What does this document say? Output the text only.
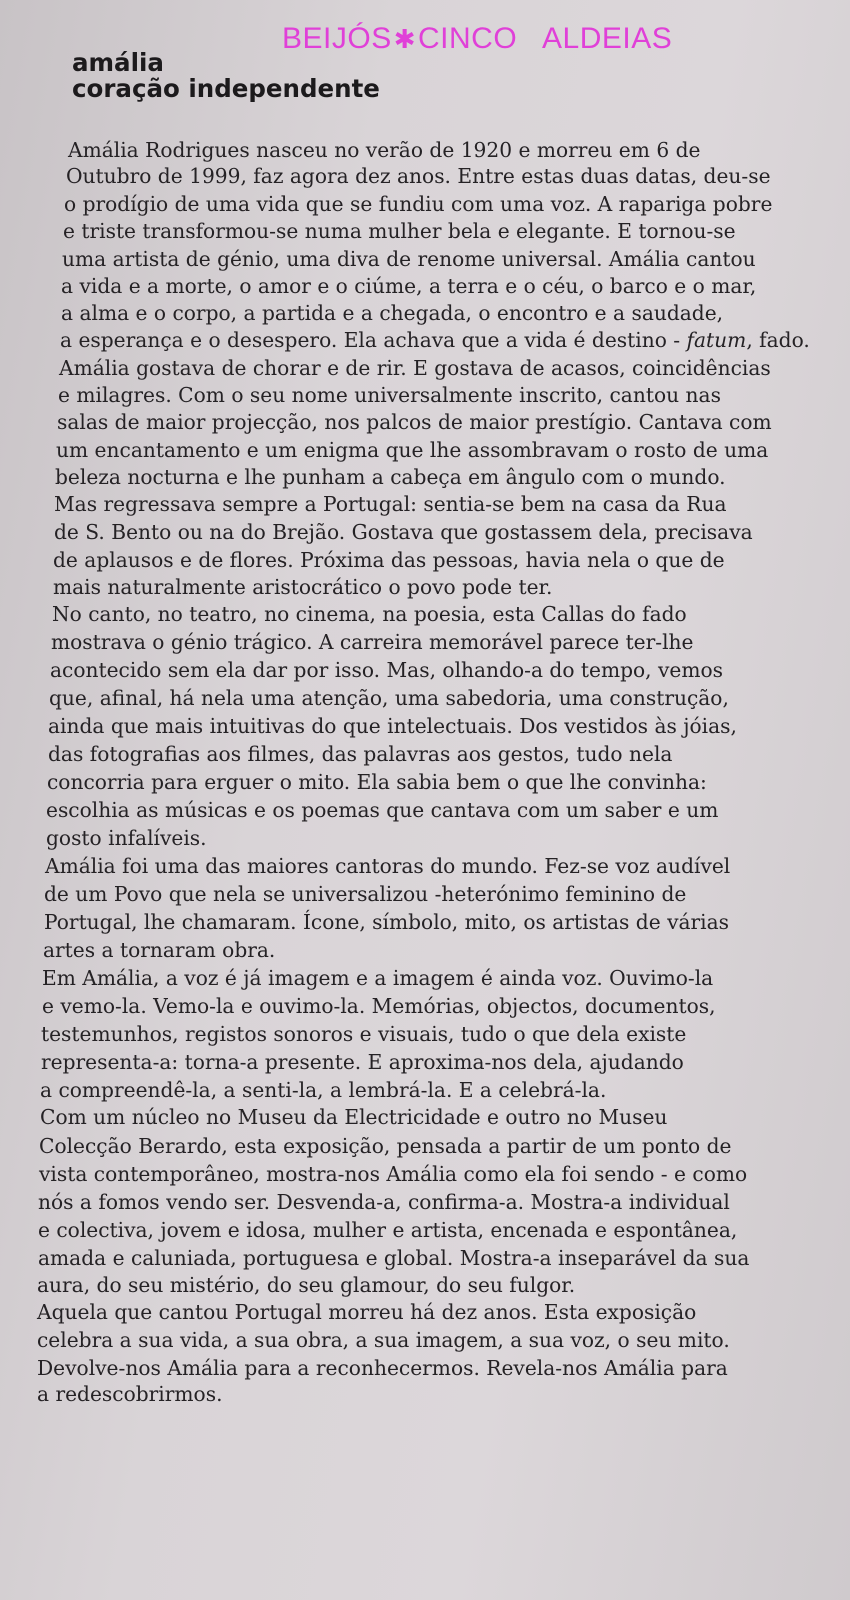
BEIJÓS✱CINCO   ALDEIAS
amália
coração independente
Amália Rodrigues nasceu no verão de 1920 e morreu em 6 de
Outubro de 1999, faz agora dez anos. Entre estas duas datas, deu-se
o prodígio de uma vida que se fundiu com uma voz. A rapariga pobre
e triste transformou-se numa mulher bela e elegante. E tornou-se
uma artista de génio, uma diva de renome universal. Amália cantou
a vida e a morte, o amor e o ciúme, a terra e o céu, o barco e o mar,
a alma e o corpo, a partida e a chegada, o encontro e a saudade,
a esperança e o desespero. Ela achava que a vida é destino - fatum, fado.
Amália gostava de chorar e de rir. E gostava de acasos, coincidências
e milagres. Com o seu nome universalmente inscrito, cantou nas
salas de maior projecção, nos palcos de maior prestígio. Cantava com
um encantamento e um enigma que lhe assombravam o rosto de uma
beleza nocturna e lhe punham a cabeça em ângulo com o mundo.
Mas regressava sempre a Portugal: sentia-se bem na casa da Rua
de S. Bento ou na do Brejão. Gostava que gostassem dela, precisava
de aplausos e de flores. Próxima das pessoas, havia nela o que de
mais naturalmente aristocrático o povo pode ter.
No canto, no teatro, no cinema, na poesia, esta Callas do fado
mostrava o génio trágico. A carreira memorável parece ter-lhe
acontecido sem ela dar por isso. Mas, olhando-a do tempo, vemos
que, afinal, há nela uma atenção, uma sabedoria, uma construção,
ainda que mais intuitivas do que intelectuais. Dos vestidos às jóias,
das fotografias aos filmes, das palavras aos gestos, tudo nela
concorria para erguer o mito. Ela sabia bem o que lhe convinha:
escolhia as músicas e os poemas que cantava com um saber e um
gosto infalíveis.
Amália foi uma das maiores cantoras do mundo. Fez-se voz audível
de um Povo que nela se universalizou -heterónimo feminino de
Portugal, lhe chamaram. Ícone, símbolo, mito, os artistas de várias
artes a tornaram obra.
Em Amália, a voz é já imagem e a imagem é ainda voz. Ouvimo-la
e vemo-la. Vemo-la e ouvimo-la. Memórias, objectos, documentos,
testemunhos, registos sonoros e visuais, tudo o que dela existe
representa-a: torna-a presente. E aproxima-nos dela, ajudando
a compreendê-la, a senti-la, a lembrá-la. E a celebrá-la.
Com um núcleo no Museu da Electricidade e outro no Museu
Colecção Berardo, esta exposição, pensada a partir de um ponto de
vista contemporâneo, mostra-nos Amália como ela foi sendo - e como
nós a fomos vendo ser. Desvenda-a, confirma-a. Mostra-a individual
e colectiva, jovem e idosa, mulher e artista, encenada e espontânea,
amada e caluniada, portuguesa e global. Mostra-a inseparável da sua
aura, do seu mistério, do seu glamour, do seu fulgor.
Aquela que cantou Portugal morreu há dez anos. Esta exposição
celebra a sua vida, a sua obra, a sua imagem, a sua voz, o seu mito.
Devolve-nos Amália para a reconhecermos. Revela-nos Amália para
a redescobrirmos.
